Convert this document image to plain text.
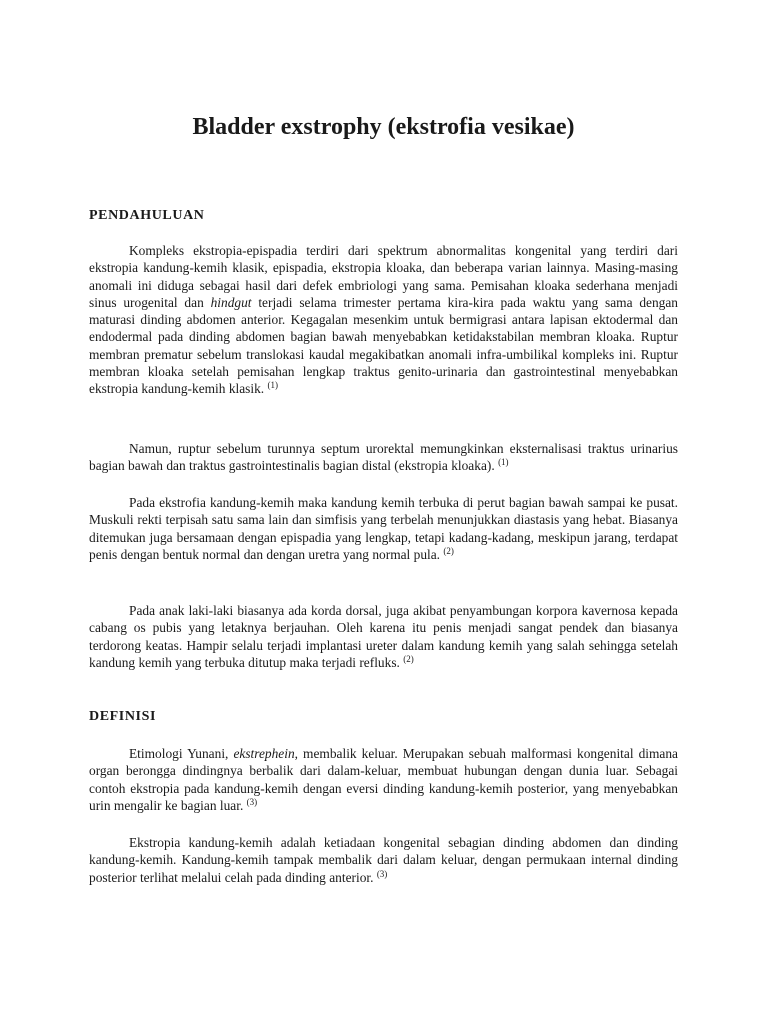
Bladder exstrophy (ekstrofia vesikae)
PENDAHULUAN

Kompleks ekstropia-epispadia terdiri dari spektrum abnormalitas kongenital yang terdiri dari ekstropia kandung-kemih klasik, epispadia, ekstropia kloaka, dan beberapa varian lainnya. Masing-masing anomali ini diduga sebagai hasil dari defek embriologi yang sama. Pemisahan kloaka sederhana menjadi sinus urogenital dan hindgut terjadi selama trimester pertama kira-kira pada waktu yang sama dengan maturasi dinding abdomen anterior. Kegagalan mesenkim untuk bermigrasi antara lapisan ektodermal dan endodermal pada dinding abdomen bagian bawah menyebabkan ketidakstabilan membran kloaka. Ruptur membran prematur sebelum translokasi kaudal megakibatkan anomali infra-umbilikal kompleks ini. Ruptur membran kloaka setelah pemisahan lengkap traktus genito-urinaria dan gastrointestinal menyebabkan ekstropia kandung-kemih klasik. $^{(1)}$

Namun, ruptur sebelum turunnya septum urorektal memungkinkan eksternalisasi traktus urinarius bagian bawah dan traktus gastrointestinalis bagian distal (ekstropia kloaka). $^{(1)}$

Pada ekstrofia kandung-kemih maka kandung kemih terbuka di perut bagian bawah sampai ke pusat. Muskuli rekti terpisah satu sama lain dan simfisis yang terbelah menunjukkan diastasis yang hebat. Biasanya ditemukan juga bersamaan dengan epispadia yang lengkap, tetapi kadang-kadang, meskipun jarang, terdapat penis dengan bentuk normal dan dengan uretra yang normal pula. $^{(2)}$

Pada anak laki-laki biasanya ada korda dorsal, juga akibat penyambungan korpora kavernosa kepada cabang os pubis yang letaknya berjauhan. Oleh karena itu penis menjadi sangat pendek dan biasanya terdorong keatas. Hampir selalu terjadi implantasi ureter dalam kandung kemih yang salah sehingga setelah kandung kemih yang terbuka ditutup maka terjadi refluks. $^{(2)}$

DEFINISI

Etimologi Yunani, ekstrephein, membalik keluar. Merupakan sebuah malformasi kongenital dimana organ berongga dindingnya berbalik dari dalam-keluar, membuat hubungan dengan dunia luar. Sebagai contoh ekstropia pada kandung-kemih dengan eversi dinding kandung-kemih posterior, yang menyebabkan urin mengalir ke bagian luar. $^{(3)}$

Ekstropia kandung-kemih adalah ketiadaan kongenital sebagian dinding abdomen dan dinding kandung-kemih. Kandung-kemih tampak membalik dari dalam keluar, dengan permukaan internal dinding posterior terlihat melalui celah pada dinding anterior. $^{(3)}$
